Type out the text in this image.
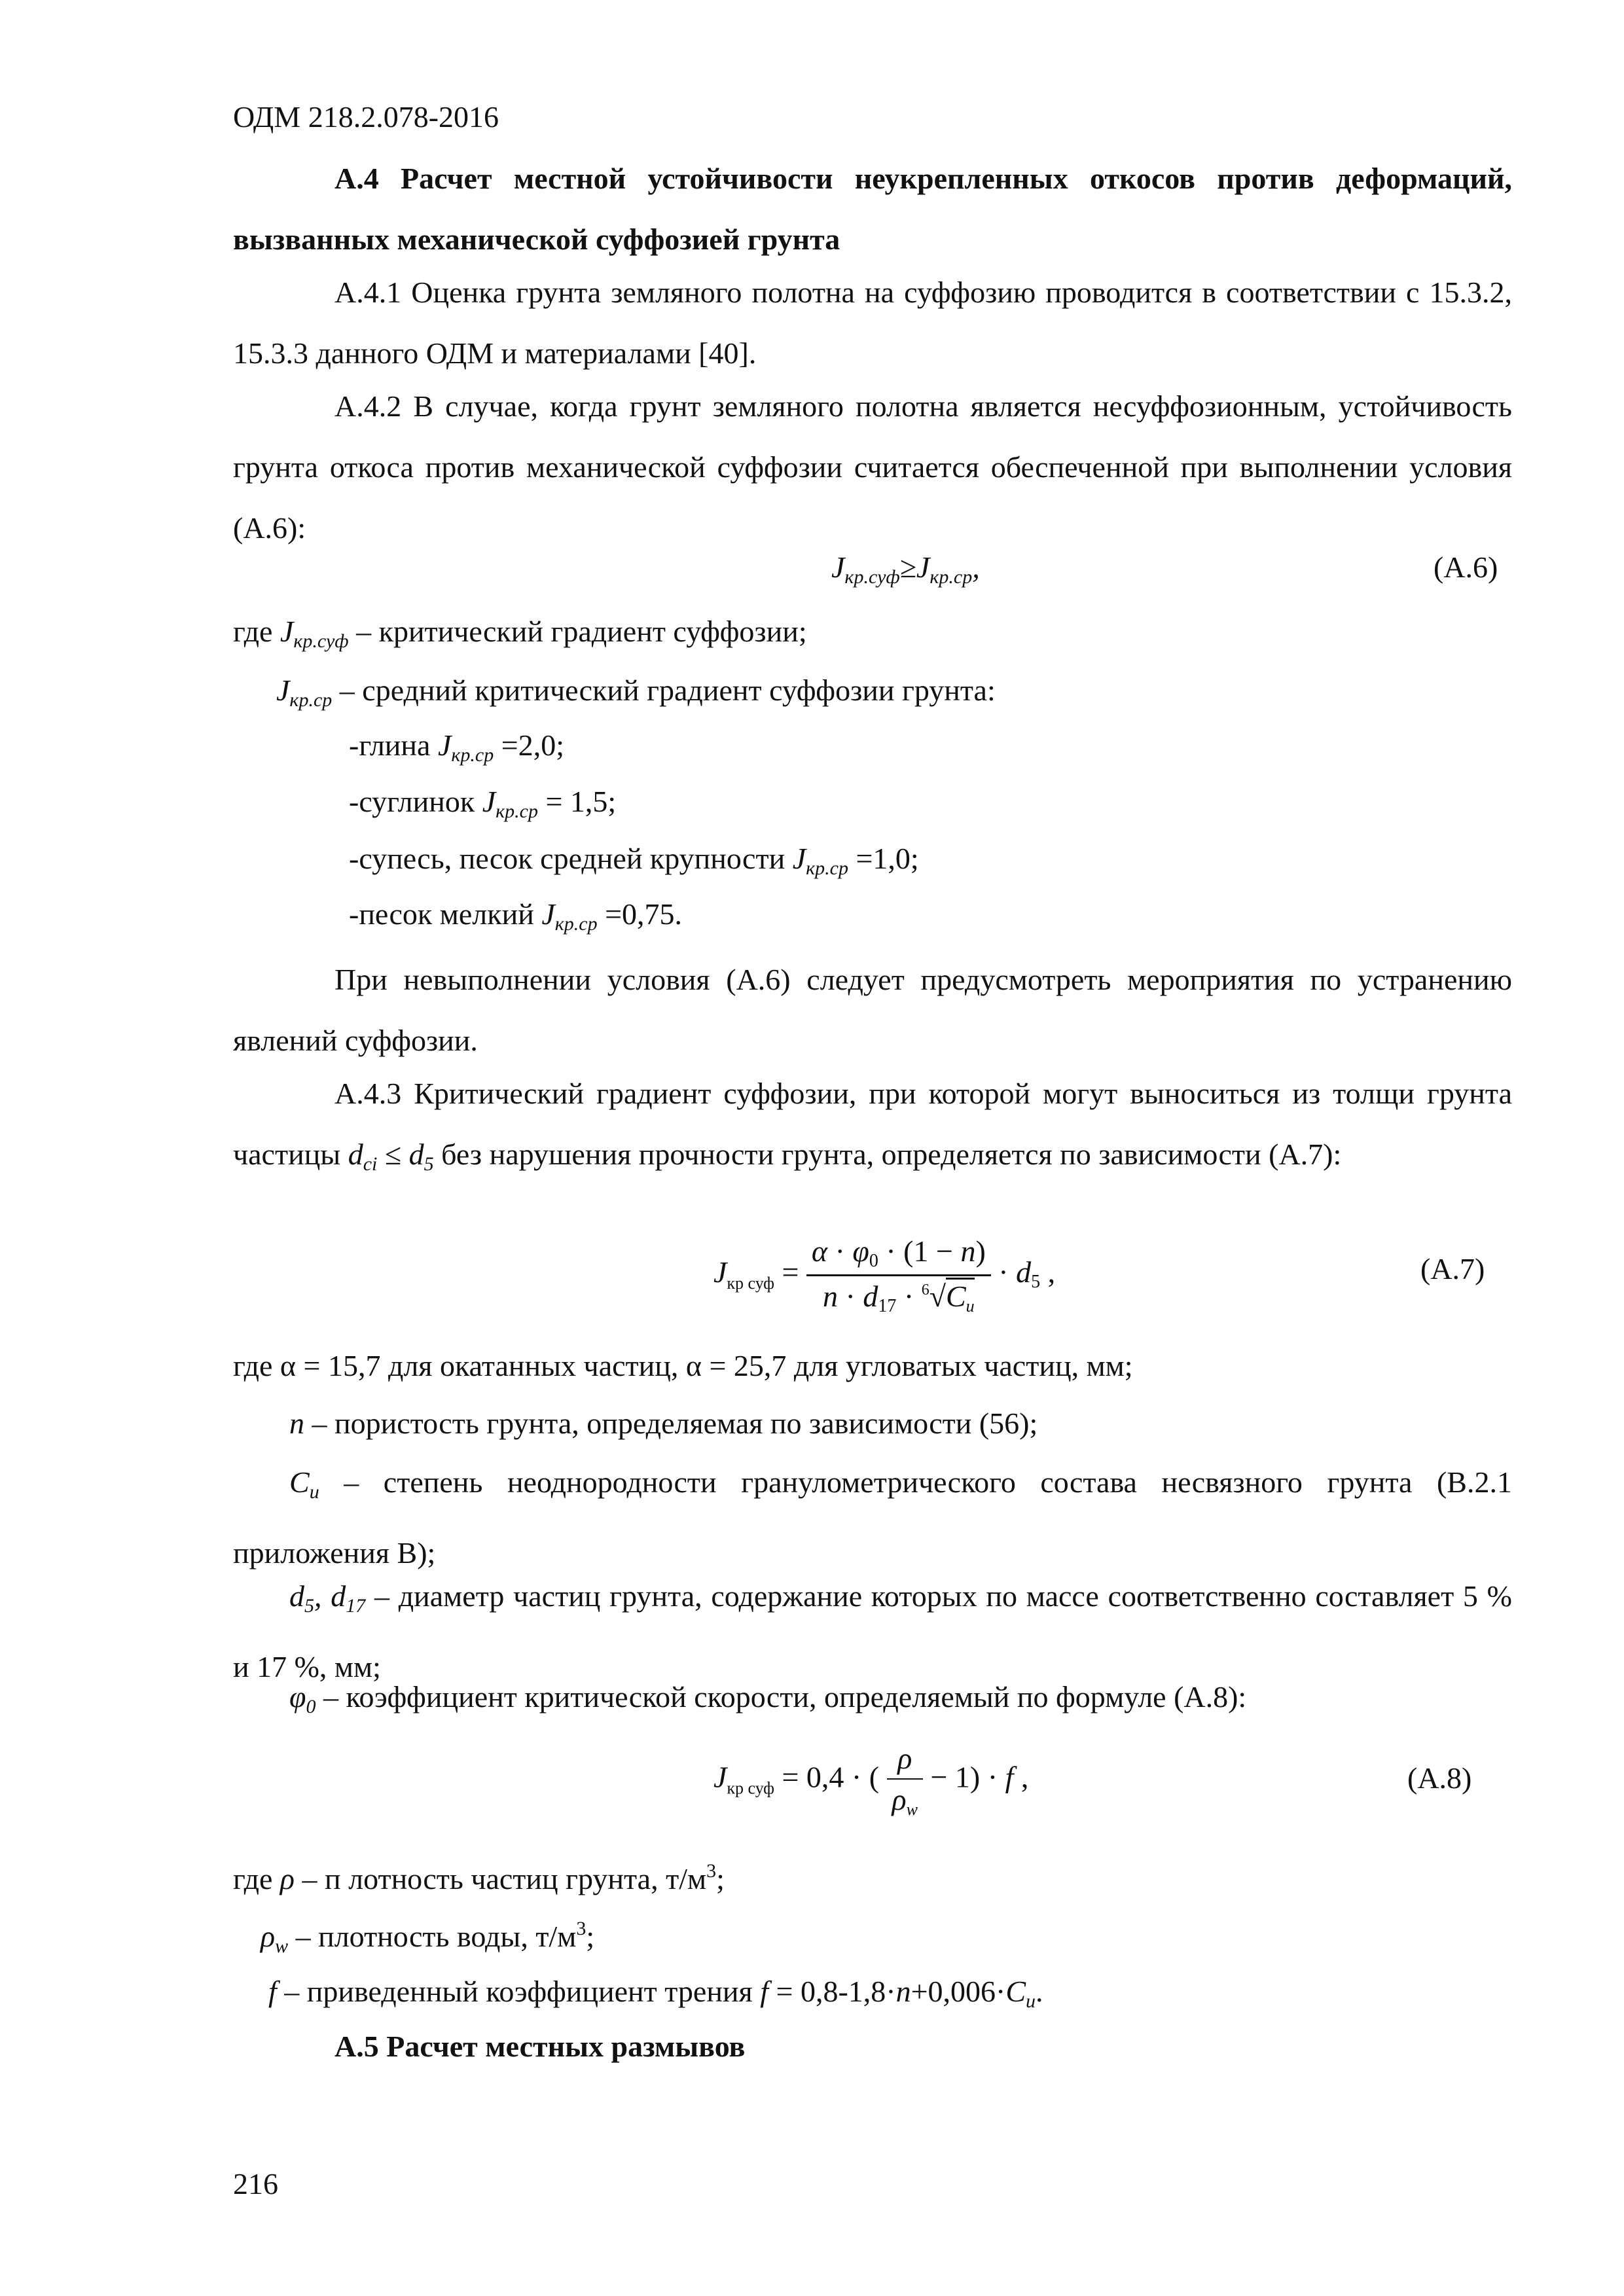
ОДМ 218.2.078-2016

А.4 Расчет местной устойчивости неукрепленных откосов против деформаций, вызванных механической суффозией грунта

А.4.1 Оценка грунта земляного полотна на суффозию проводится в соответствии с 15.3.2, 15.3.3 данного ОДМ и материалами [40].

А.4.2 В случае, когда грунт земляного полотна является несуффозионным, устойчивость грунта откоса против механической суффозии считается обеспеченной при выполнении условия (А.6):

$J_{кр.суф}\ge J_{кр.ср}$,	(А.6)
где $J_{кр.суф}$ – критический градиент суффозии;
$J_{кр.ср}$ – средний критический градиент суффозии грунта:
-глина $J_{кр.ср} =2,0$;
-суглинок $J_{кр.ср} = 1,5$;
-супесь, песок средней крупности $J_{кр.ср} =1,0$;
-песок мелкий $J_{кр.ср} =0,75$.

При невыполнении условия (А.6) следует предусмотреть мероприятия по устранению явлений суффозии.

А.4.3 Критический градиент суффозии, при которой могут выноситься из толщи грунта частицы $d_{ci} \le d_5$ без нарушения прочности грунта, определяется по зависимости (А.7):

$J_{кр суф} = \frac{\alpha \cdot \varphi 0 \cdot (1 - n)}{n \cdot d17 \cdot ^6√Cu} \cdot d5$ ,	(А.7)
где α = 15,7 для окатанных частиц, α = 25,7 для угловатых частиц, мм;
n – пористость грунта, определяемая по зависимости (56);

$C_u$ – степень неоднородности гранулометрического состава несвязного грунта (В.2.1 приложения В);

$d_5$, $d_{17}$ – диаметр частиц грунта, содержание которых по массе соответственно составляет 5 % и 17 %, мм;

$\varphi_0$ – коэффициент критической скорости, определяемый по формуле (А.8):
$J_{кр суф} = 0,4$ · ( $\frac{\rho}{\rho w} - 1) \cdot f$ ,	(А.8)
где ρ – п лотность частиц грунта, $т/м^3$;
$\rho_w$ – плотность воды, $т/м^3$;
f – приведенный коэффициент трения $f = 0,8-1,8\cdot n+0,006\cdot C_u$.
А.5 Расчет местных размывов
216
